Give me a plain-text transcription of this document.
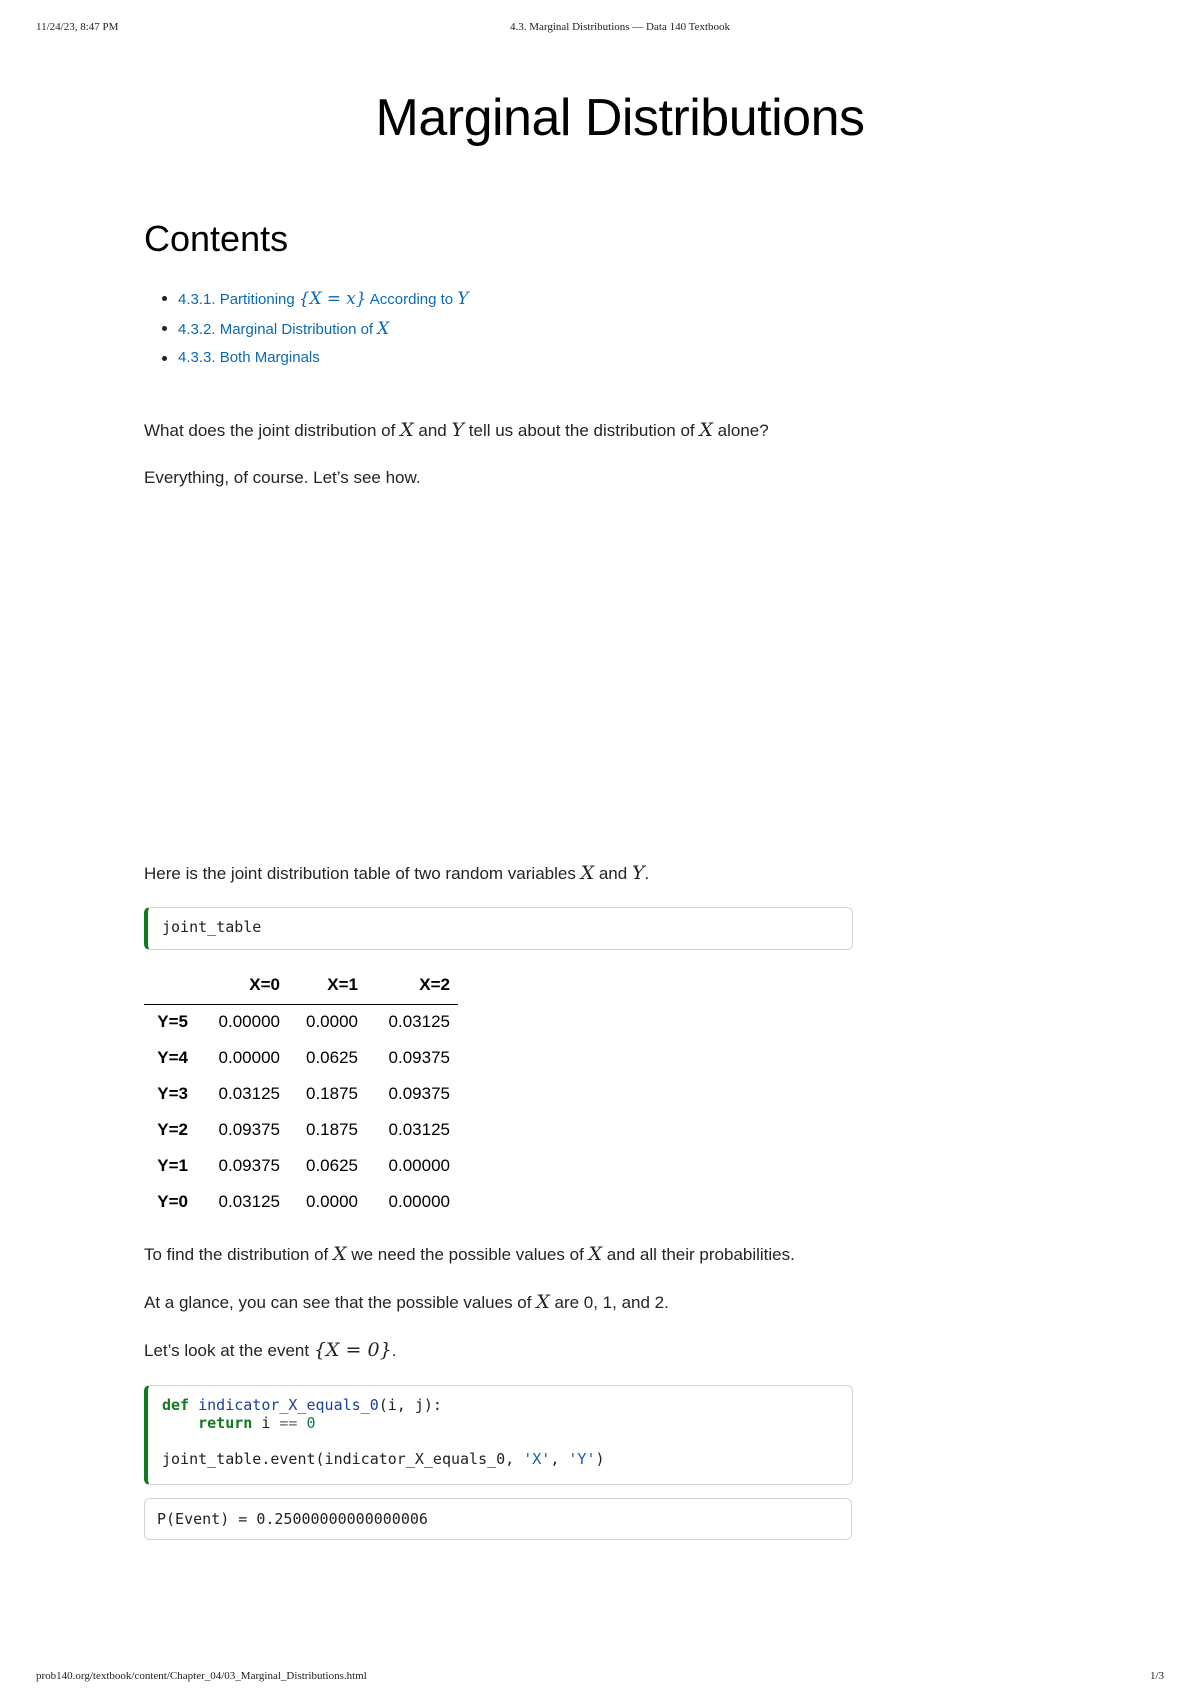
11/24/23, 8:47 PM	4.3. Marginal Distributions — Data 140 Textbook
Marginal Distributions
Contents
4.3.1. Partitioning {X = x} According to Y
4.3.2. Marginal Distribution of X
4.3.3. Both Marginals

What does the joint distribution of X and Y tell us about the distribution of X alone?

Everything, of course. Let’s see how.

Here is the joint distribution table of two random variables X and Y.

joint_table
	X=0	X=1	X=2
Y=5	0.00000	0.0000	0.03125
Y=4	0.00000	0.0625	0.09375
Y=3	0.03125	0.1875	0.09375
Y=2	0.09375	0.1875	0.03125
Y=1	0.09375	0.0625	0.00000
Y=0	0.03125	0.0000	0.00000

To find the distribution of X we need the possible values of X and all their probabilities.

At a glance, you can see that the possible values of X are 0, 1, and 2.

Let’s look at the event {X = 0}.

def indicator_X_equals_0(i, j):
return i == 0
joint_table.event(indicator_X_equals_0, 'X', 'Y')
P(Event) = 0.25000000000000006
prob140.org/textbook/content/Chapter_04/03_Marginal_Distributions.html	1/3
